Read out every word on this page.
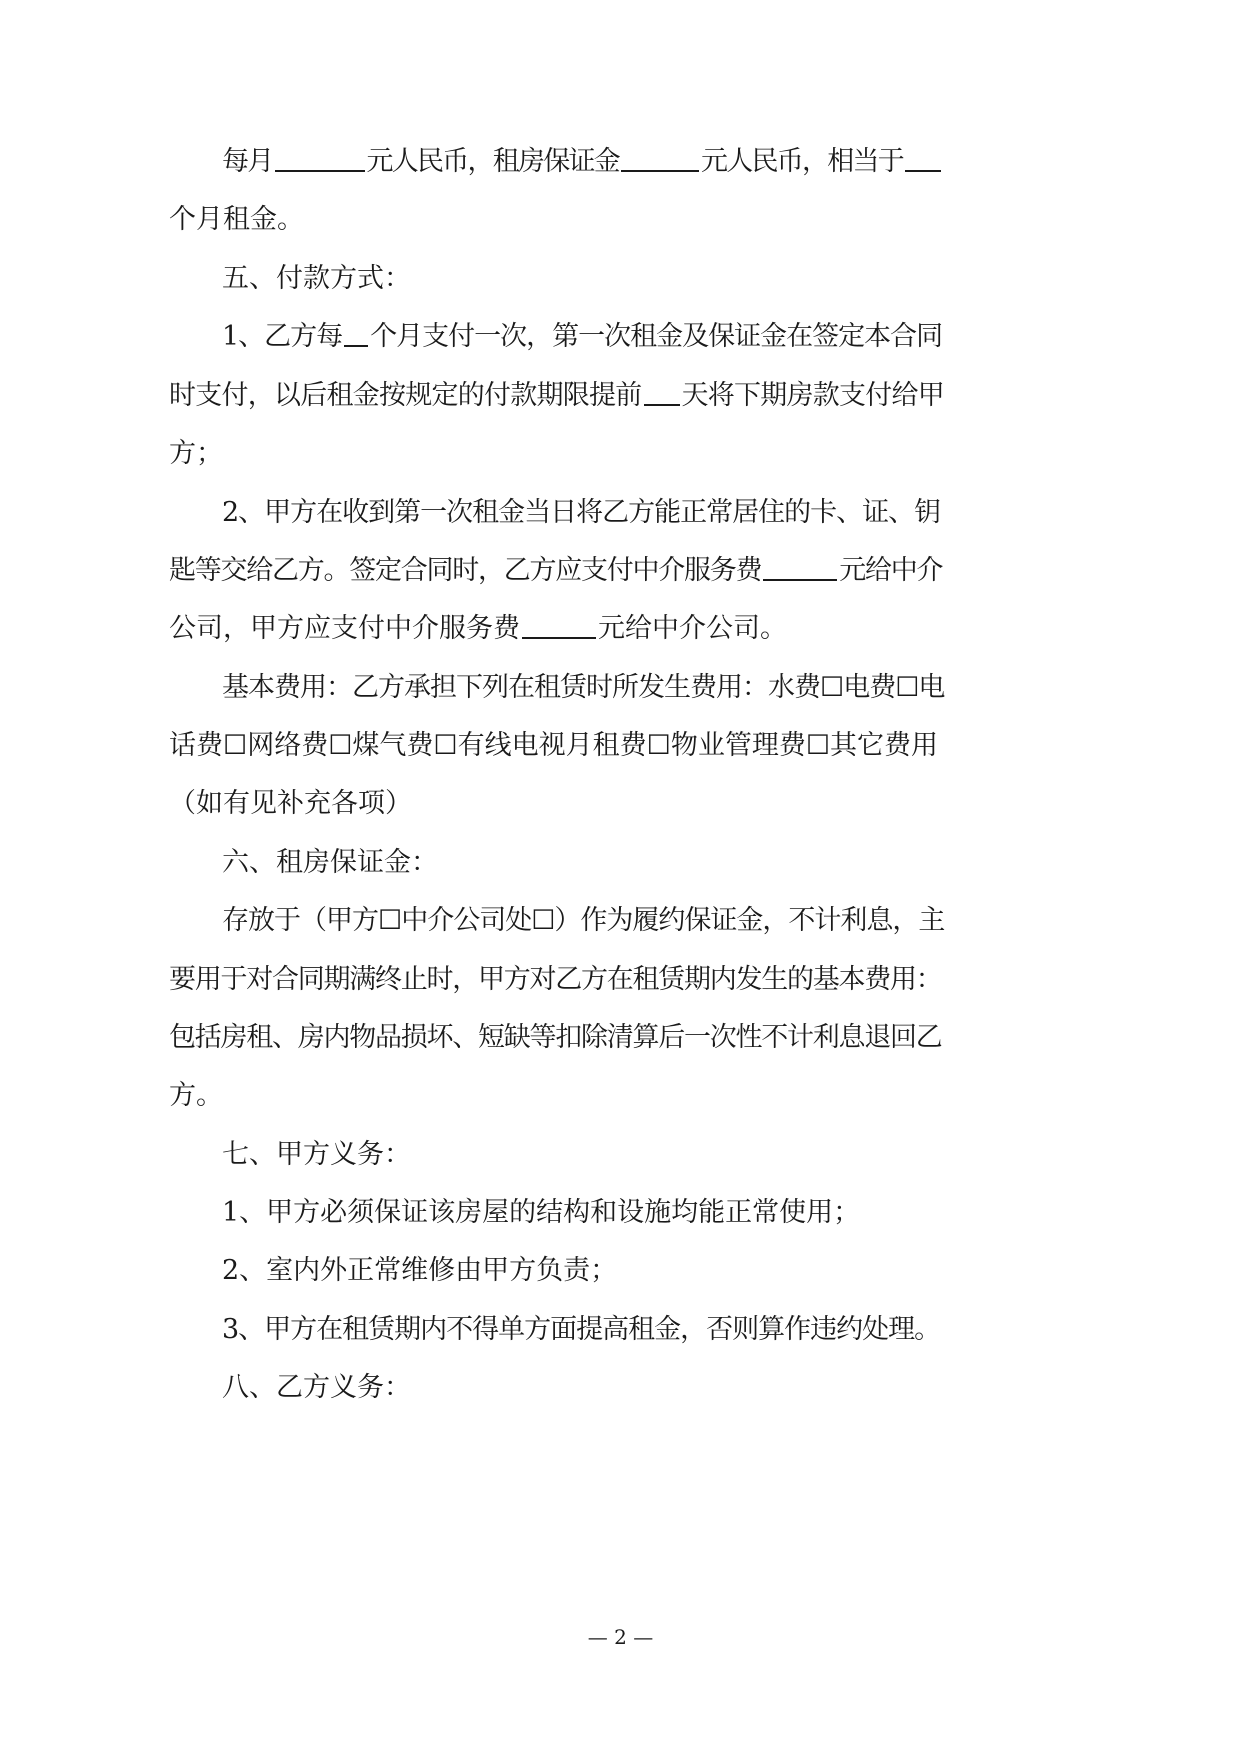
每月	元人民币，租房保证金	元人民币，相当于
个月租金。
五、付款方式：
1、乙方每 个月支付一次，第一次租金及保证金在签定本合同
时支付，以后租金按规定的付款期限提前 天将下期房款支付给甲
方；
2、甲方在收到第一次租金当日将乙方能正常居住的卡、证、钥
匙等交给乙方。签定合同时，乙方应支付中介服务费	元给中介
公司，甲方应支付中介服务费	元给中介公司。
基本费用：乙方承担下列在租赁时所发生费用：水费☐电费☐电
话费☐网络费☐煤气费☐有线电视月租费☐物业管理费☐其它费用
（如有见补充各项）
六、租房保证金：
存放于（甲方☐中介公司处☐）作为履约保证金，不计利息，主
要用于对合同期满终止时，甲方对乙方在租赁期内发生的基本费用：
包括房租、房内物品损坏、短缺等扣除清算后一次性不计利息退回乙
方。
七、甲方义务：
1、甲方必须保证该房屋的结构和设施均能正常使用；
2、室内外正常维修由甲方负责；
3、甲方在租赁期内不得单方面提高租金，否则算作违约处理。
八、乙方义务：
— 2 —
